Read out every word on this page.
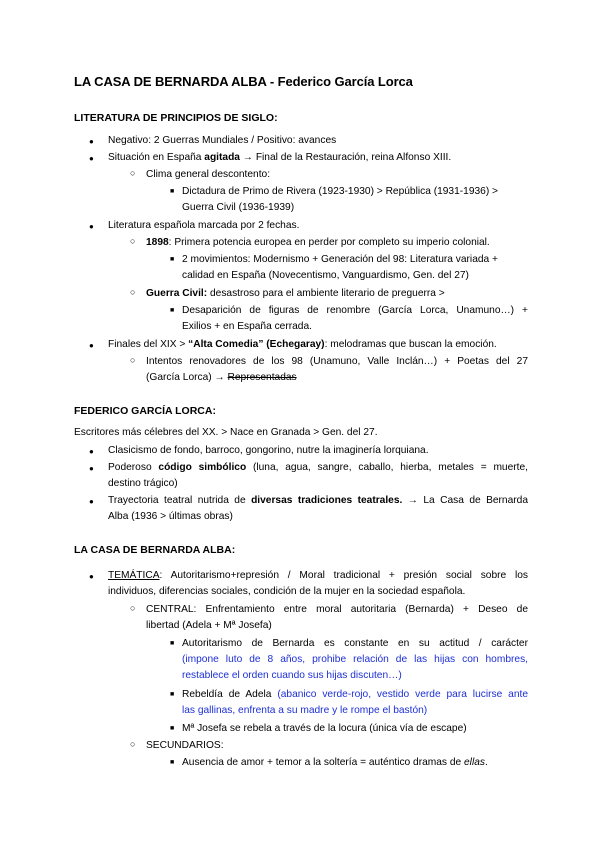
LA CASA DE BERNARDA ALBA - Federico García Lorca
LITERATURA DE PRINCIPIOS DE SIGLO:
● Negativo: 2 Guerras Mundiales / Positivo: avances
● Situación en España agitada → Final de la Restauración, reina Alfonso XIII.
○ Clima general descontento:
■ Dictadura de Primo de Rivera (1923-1930) > República (1931-1936) >
Guerra Civil (1936-1939)
● Literatura española marcada por 2 fechas.
○ 1898: Primera potencia europea en perder por completo su imperio colonial.
■ 2 movimientos: Modernismo + Generación del 98: Literatura variada +
calidad en España (Novecentismo, Vanguardismo, Gen. del 27)
○ Guerra Civil: desastroso para el ambiente literario de preguerra >
■ Desaparición de figuras de renombre (García Lorca, Unamuno…) +
Exilios + en España cerrada.
● Finales del XIX > “Alta Comedia” (Echegaray): melodramas que buscan la emoción.
○ Intentos renovadores de los 98 (Unamuno, Valle Inclán…) + Poetas del 27
(García Lorca) → Representadas
FEDERICO GARCÍA LORCA:
Escritores más célebres del XX. > Nace en Granada > Gen. del 27.
● Clasicismo de fondo, barroco, gongorino, nutre la imaginería lorquiana.
● Poderoso código simbólico (luna, agua, sangre, caballo, hierba, metales = muerte,
destino trágico)
● Trayectoria teatral nutrida de diversas tradiciones teatrales. → La Casa de Bernarda
Alba (1936 > últimas obras)
LA CASA DE BERNARDA ALBA:
● TEMÁTICA: Autoritarismo+represión / Moral tradicional + presión social sobre los
individuos, diferencias sociales, condición de la mujer en la sociedad española.
○ CENTRAL: Enfrentamiento entre moral autoritaria (Bernarda) + Deseo de
libertad (Adela + Mª Josefa)
■ Autoritarismo de Bernarda es constante en su actitud / carácter
(impone luto de 8 años, prohibe relación de las hijas con hombres,
restablece el orden cuando sus hijas discuten…)
■ Rebeldía de Adela (abanico verde-rojo, vestido verde para lucirse ante
las gallinas, enfrenta a su madre y le rompe el bastón)
■ Mª Josefa se rebela a través de la locura (única vía de escape)
○ SECUNDARIOS:
■ Ausencia de amor + temor a la soltería = auténtico dramas de ellas.
